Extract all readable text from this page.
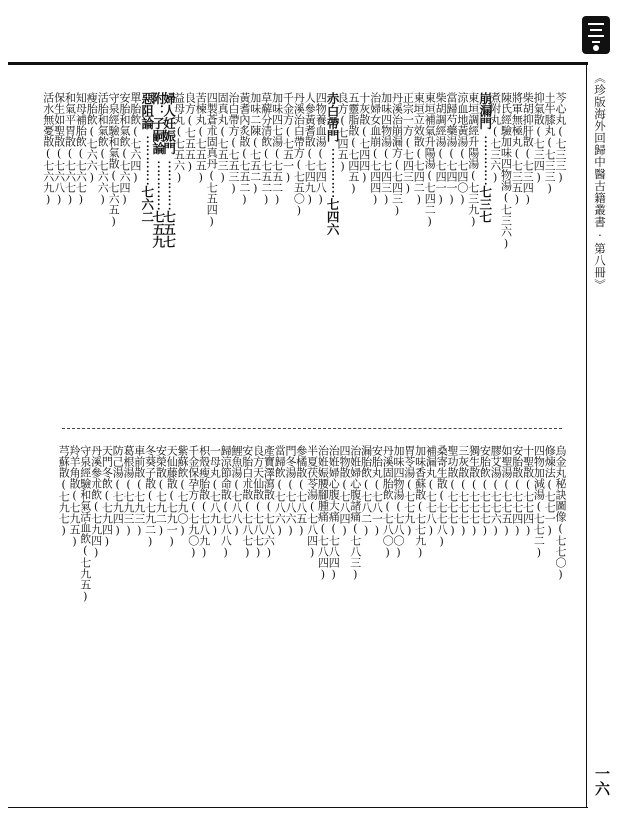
《珍版海外回歸中醫古籍叢書·第八冊》
一六
芩心丸(七三三)
土牛膝丸(七三三)
抑氣散(七三四)
柴胡抑肝散(七三四)
將軍無極丸(七三五)
陳氏經驗加味四物湯(七三六)
煮附丸(七三六)
崩漏門⋯⋯⋯⋯七三七
東垣調經升陽湯(七三九)
涼血地黃湯(七四〇)
當歸芍藥湯(七四一)
柴胡調經湯(七四一)
東垣補氣升陽湯(七四二)
東垣立效散(七四二)
正宗一方(七四三)
丹溪治崩漏方(七四三)
加味四物湯(七四三)
治婦女血崩(七四四)
十灰散(七四四)
五靈脂散(七四五)
良方(七四五)
赤白帶門⋯⋯⋯⋯七四六
四物養血湯(七四八)
人參黃耆散(七四九)
丹溪治白帶方(七五〇)
千金方(七五一)
加味四七湯(七五二)
草薢分清飲(七五二)
加味二陳(七五二)
黃耆內炙散(七五二)
治白帶方(七五三)
固真丸(七五三)
四製蒼朮固真丹(七五四)
苦楝丸(七五五)
良方(七五五)
益母丸(七五六)
婦人妊娠門⋯⋯⋯⋯七五七
附：子嗣論⋯⋯⋯⋯七五九
惡阻論⋯⋯⋯⋯七六二
單胎飲(七六四)
安胎和氣飲(七六四)
守泉經驗和氣散(七六五)
活胎和氣飲(七六六)
瘦胎飲(七六六)
知母補胎飲(七六七)
和氣平胃散(七六七)
保生如聖散(七六八)
活水無憂散(七六九)
烏金丸秘訣圖像(七七〇)
修煉法(七七一)
四物加減湯(七七二)
十聖散(七七四)
安胎散(七七四)
如聖湯(七七五)
膠艾湯(七七六)
安胎飲(七七七)
獨生散(七七七)
三灰散(七七七)
聖功散(七七七)
桑寄生散(七七八)
補漏丸(七七八)
加味香蘇散(七七九)
胃苓湯(七七九)
加味四物湯(七八〇)
丹溪固胎飲(七八〇)
安胎丸(七八一)
漏胎飲(七八二)
治姙婦心腹諸痛(七八三)
四物散(七八四)
治姙婦心腹大痛(七八四)
治姙娠腰腳腫痛(七八四)
半夏茯苓湯(七八四)
參橘散(七八五)
門冬湯(七八六)
當歸飲(七八六)
產寶澤瀉散(七八六)
良方天仙散(七八七)
安胎白朮散(七八七)
鯉魚湯(七八八)
歸涼節命散(七八八)
一母丸(七八九)
枳殼瘦胎散(七八九)
千金保孕方(七九〇)
紫蘇飲(七九〇)
天仙藤散(七九一)
安榮散(七九二)
冬葵子散(七九二)
車前散(七九三)
葛根湯(七九三)
防己湯(七九四)
天門冬飲(七九四)
丹溪參朮飲(七九四)
守泉經驗和氣活血飲(七九五)
羚羊角散(七九五)
芎蘇散(七九七)
